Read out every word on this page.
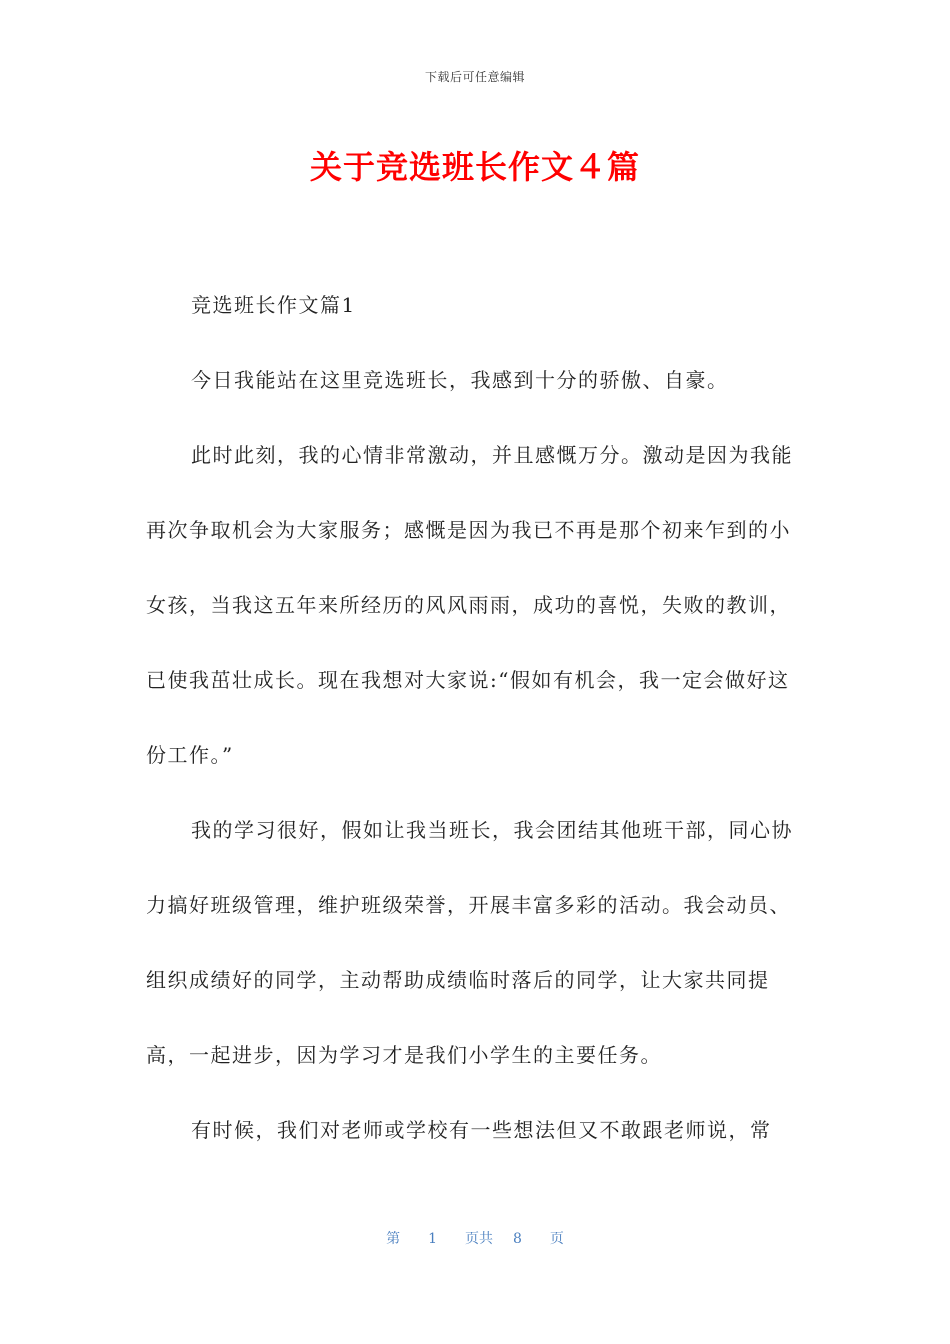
下载后可任意编辑
关于竞选班长作文４篇

竞选班长作文篇1

今日我能站在这里竞选班长，我感到十分的骄傲、自豪。

此时此刻，我的心情非常激动，并且感慨万分。激动是因为我能再次争取机会为大家服务；感慨是因为我已不再是那个初来乍到的小女孩，当我这五年来所经历的风风雨雨，成功的喜悦，失败的教训，已使我茁壮成长。现在我想对大家说:“假如有机会，我一定会做好这份工作。”

我的学习很好，假如让我当班长，我会团结其他班干部，同心协力搞好班级管理，维护班级荣誉，开展丰富多彩的活动。我会动员、组织成绩好的同学，主动帮助成绩临时落后的同学，让大家共同提高，一起进步，因为学习才是我们小学生的主要任务。

有时候，我们对老师或学校有一些想法但又不敢跟老师说，常

第 1 页共 8 页
